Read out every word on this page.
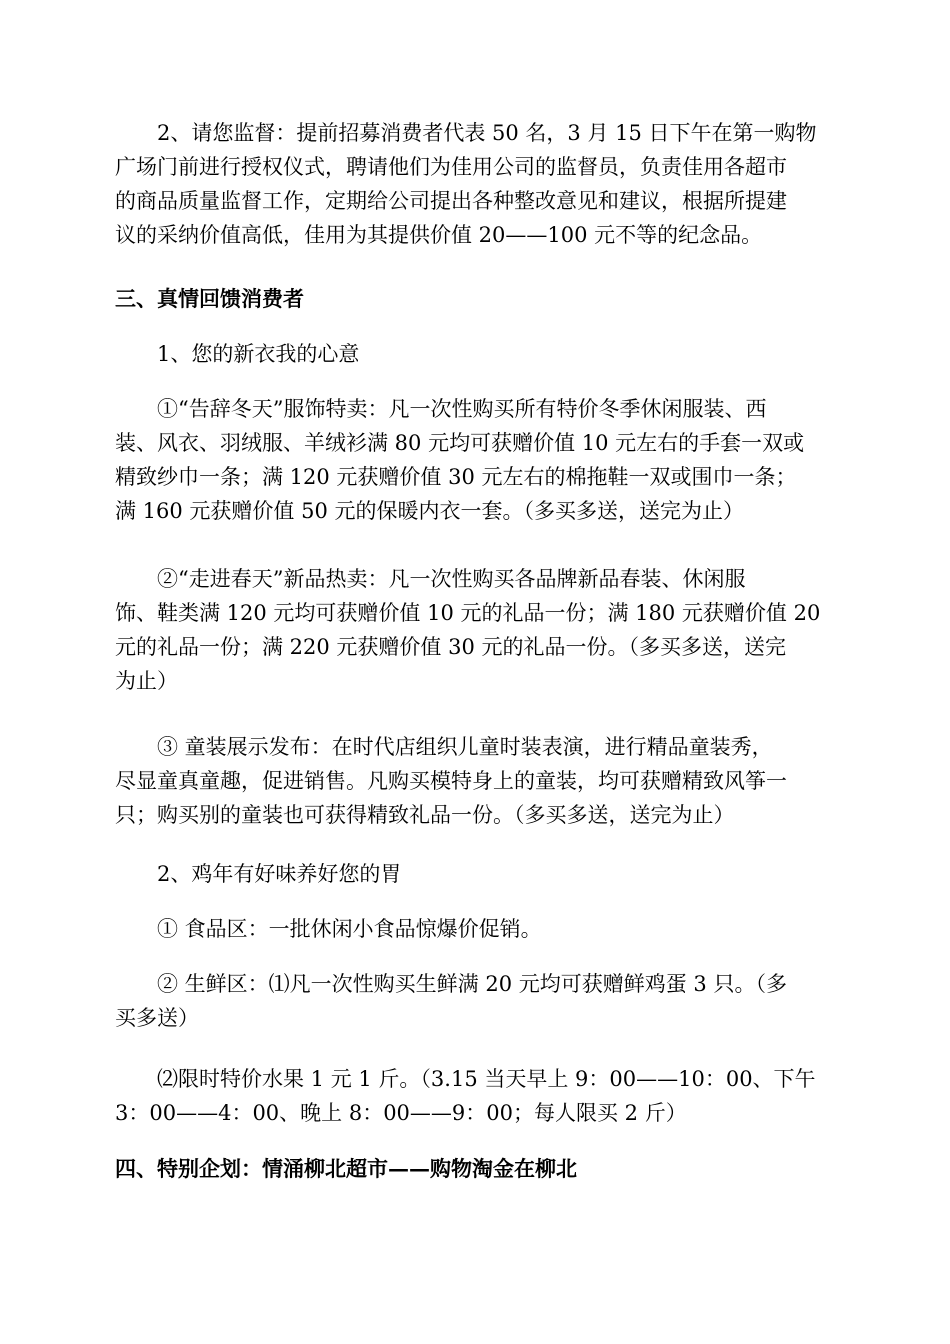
　　2、请您监督：提前招募消费者代表 50 名，3 月 15 日下午在第一购物
广场门前进行授权仪式，聘请他们为佳用公司的监督员，负责佳用各超市
的商品质量监督工作，定期给公司提出各种整改意见和建议，根据所提建
议的采纳价值高低，佳用为其提供价值 20——100 元不等的纪念品。
三、真情回馈消费者
　　1、您的新衣我的心意
　　①“告辞冬天”服饰特卖：凡一次性购买所有特价冬季休闲服装、西
装、风衣、羽绒服、羊绒衫满 80 元均可获赠价值 10 元左右的手套一双或
精致纱巾一条；满 120 元获赠价值 30 元左右的棉拖鞋一双或围巾一条；
满 160 元获赠价值 50 元的保暖内衣一套。（多买多送，送完为止）
　　②“走进春天”新品热卖：凡一次性购买各品牌新品春装、休闲服
饰、鞋类满 120 元均可获赠价值 10 元的礼品一份；满 180 元获赠价值 20
元的礼品一份；满 220 元获赠价值 30 元的礼品一份。（多买多送，送完
为止）
　　③ 童装展示发布：在时代店组织儿童时装表演，进行精品童装秀，
尽显童真童趣，促进销售。凡购买模特身上的童装，均可获赠精致风筝一
只；购买别的童装也可获得精致礼品一份。（多买多送，送完为止）
　　2、鸡年有好味养好您的胃
　　① 食品区：一批休闲小食品惊爆价促销。
　　② 生鲜区：⑴凡一次性购买生鲜满 20 元均可获赠鲜鸡蛋 3 只。（多
买多送）
　　⑵限时特价水果 1 元 1 斤。（3.15 当天早上 9：00——10：00、下午
3：00——4：00、晚上 8：00——9：00；每人限买 2 斤）
四、特别企划：情涌柳北超市——购物淘金在柳北
